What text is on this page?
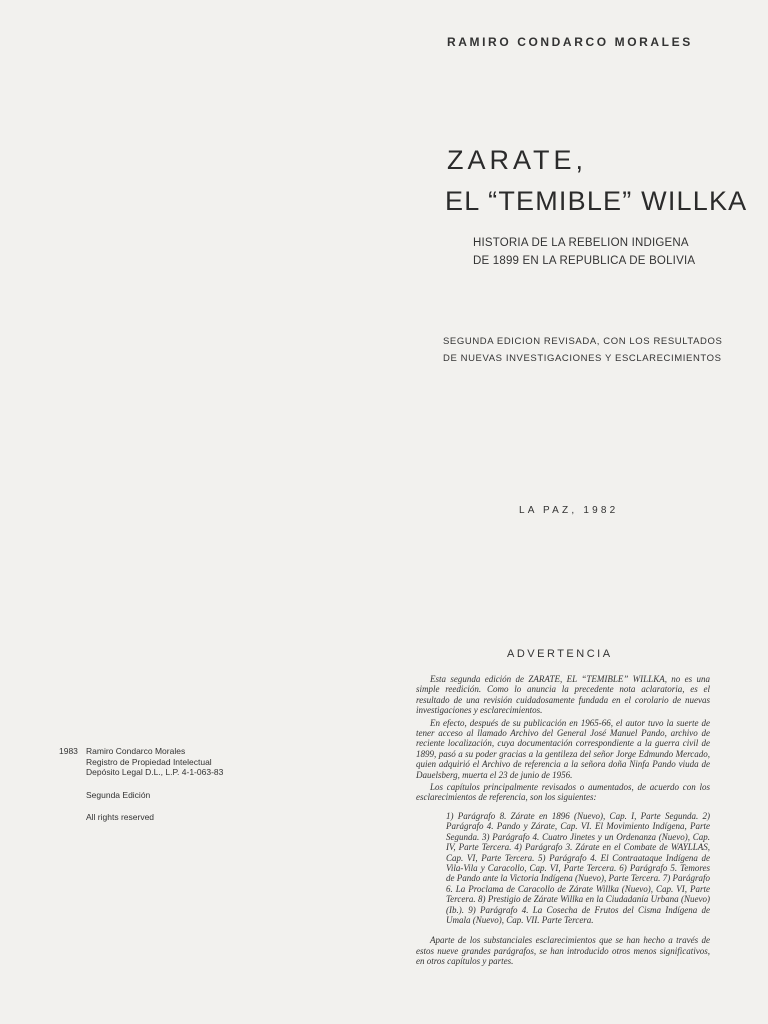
RAMIRO CONDARCO MORALES
ZARATE,
EL “TEMIBLE” WILLKA
HISTORIA DE LA REBELION INDIGENA
DE 1899 EN LA REPUBLICA DE BOLIVIA
SEGUNDA EDICION REVISADA, CON LOS RESULTADOS
DE NUEVAS INVESTIGACIONES Y ESCLARECIMIENTOS
LA PAZ, 1982
ADVERTENCIA

Esta segunda edición de ZARATE, EL “TEMIBLE” WILLKA, no es una simple reedición. Como lo anuncia la precedente nota aclaratoria, es el resultado de una revisión cuidadosamente fundada en el corolario de nuevas investigaciones y esclarecimientos.

En efecto, después de su publicación en 1965-66, el autor tuvo la suerte de tener acceso al llamado Archivo del General José Manuel Pando, archivo de reciente localización, cuya documentación correspondiente a la guerra civil de 1899, pasó a su poder gracias a la gentileza del señor Jorge Edmundo Mercado, quien adquirió el Archivo de referencia a la señora doña Ninfa Pando viuda de Dauelsberg, muerta el 23 de junio de 1956.

Los capítulos principalmente revisados o aumentados, de acuerdo con los esclarecimientos de referencia, son los siguientes:

1) Parágrafo 8. Zárate en 1896 (Nuevo), Cap. I, Parte Segunda. 2) Parágrafo 4. Pando y Zárate, Cap. VI. El Movimiento Indígena, Parte Segunda. 3) Parágrafo 4. Cuatro Jinetes y un Ordenanza (Nuevo), Cap. IV, Parte Tercera. 4) Parágrafo 3. Zárate en el Combate de WAYLLAS, Cap. VI, Parte Tercera. 5) Parágrafo 4. El Contraataque Indígena de Vila-Vila y Caracollo, Cap. VI, Parte Tercera. 6) Parágrafo 5. Temores de Pando ante la Victoria Indígena (Nuevo), Parte Tercera. 7) Parágrafo 6. La Proclama de Caracollo de Zárate Willka (Nuevo), Cap. VI, Parte Tercera. 8) Prestigio de Zárate Willka en la Ciudadanía Urbana (Nuevo) (Ib.). 9) Parágrafo 4. La Cosecha de Frutos del Cisma Indígena de Umala (Nuevo), Cap. VII. Parte Tercera.

Aparte de los substanciales esclarecimientos que se han hecho a través de estos nueve grandes parágrafos, se han introducido otros menos significativos, en otros capítulos y partes.

1983 Ramiro Condarco Morales
Registro de Propiedad Intelectual
Depósito Legal D.L., L.P. 4-1-063-83
Segunda Edición
All rights reserved
